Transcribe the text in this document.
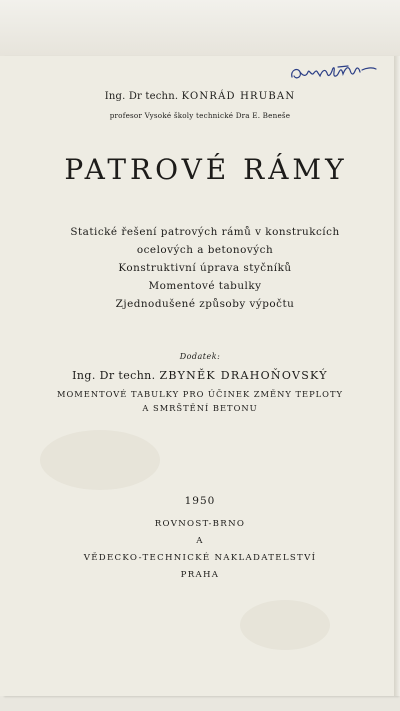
Ing. Dr techn. KONRÁD HRUBAN

profesor Vysoké školy technické Dra E. Beneše

PATROVÉ RÁMY

Statické řešení patrových rámů v konstrukcích

ocelových a betonových

Konstruktivní úprava styčníků

Momentové tabulky

Zjednodušené způsoby výpočtu

Dodatek:

Ing. Dr techn. ZBYNĚK DRAHOŇOVSKÝ

MOMENTOVÉ TABULKY PRO ÚČINEK ZMĚNY TEPLOTY

A SMRŠTĚNÍ BETONU

1950

ROVNOST-BRNO

A

VĚDECKO-TECHNICKÉ NAKLADATELSTVÍ

PRAHA
